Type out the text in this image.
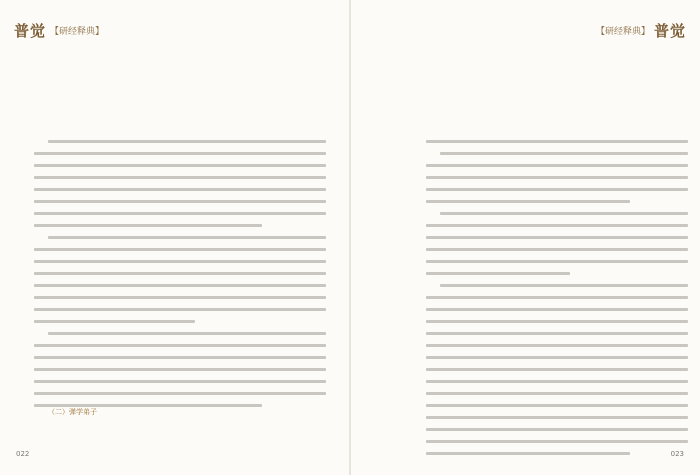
普觉 【研经释典】
（二）弹学弟子
022
【研经释典】 普觉
023
